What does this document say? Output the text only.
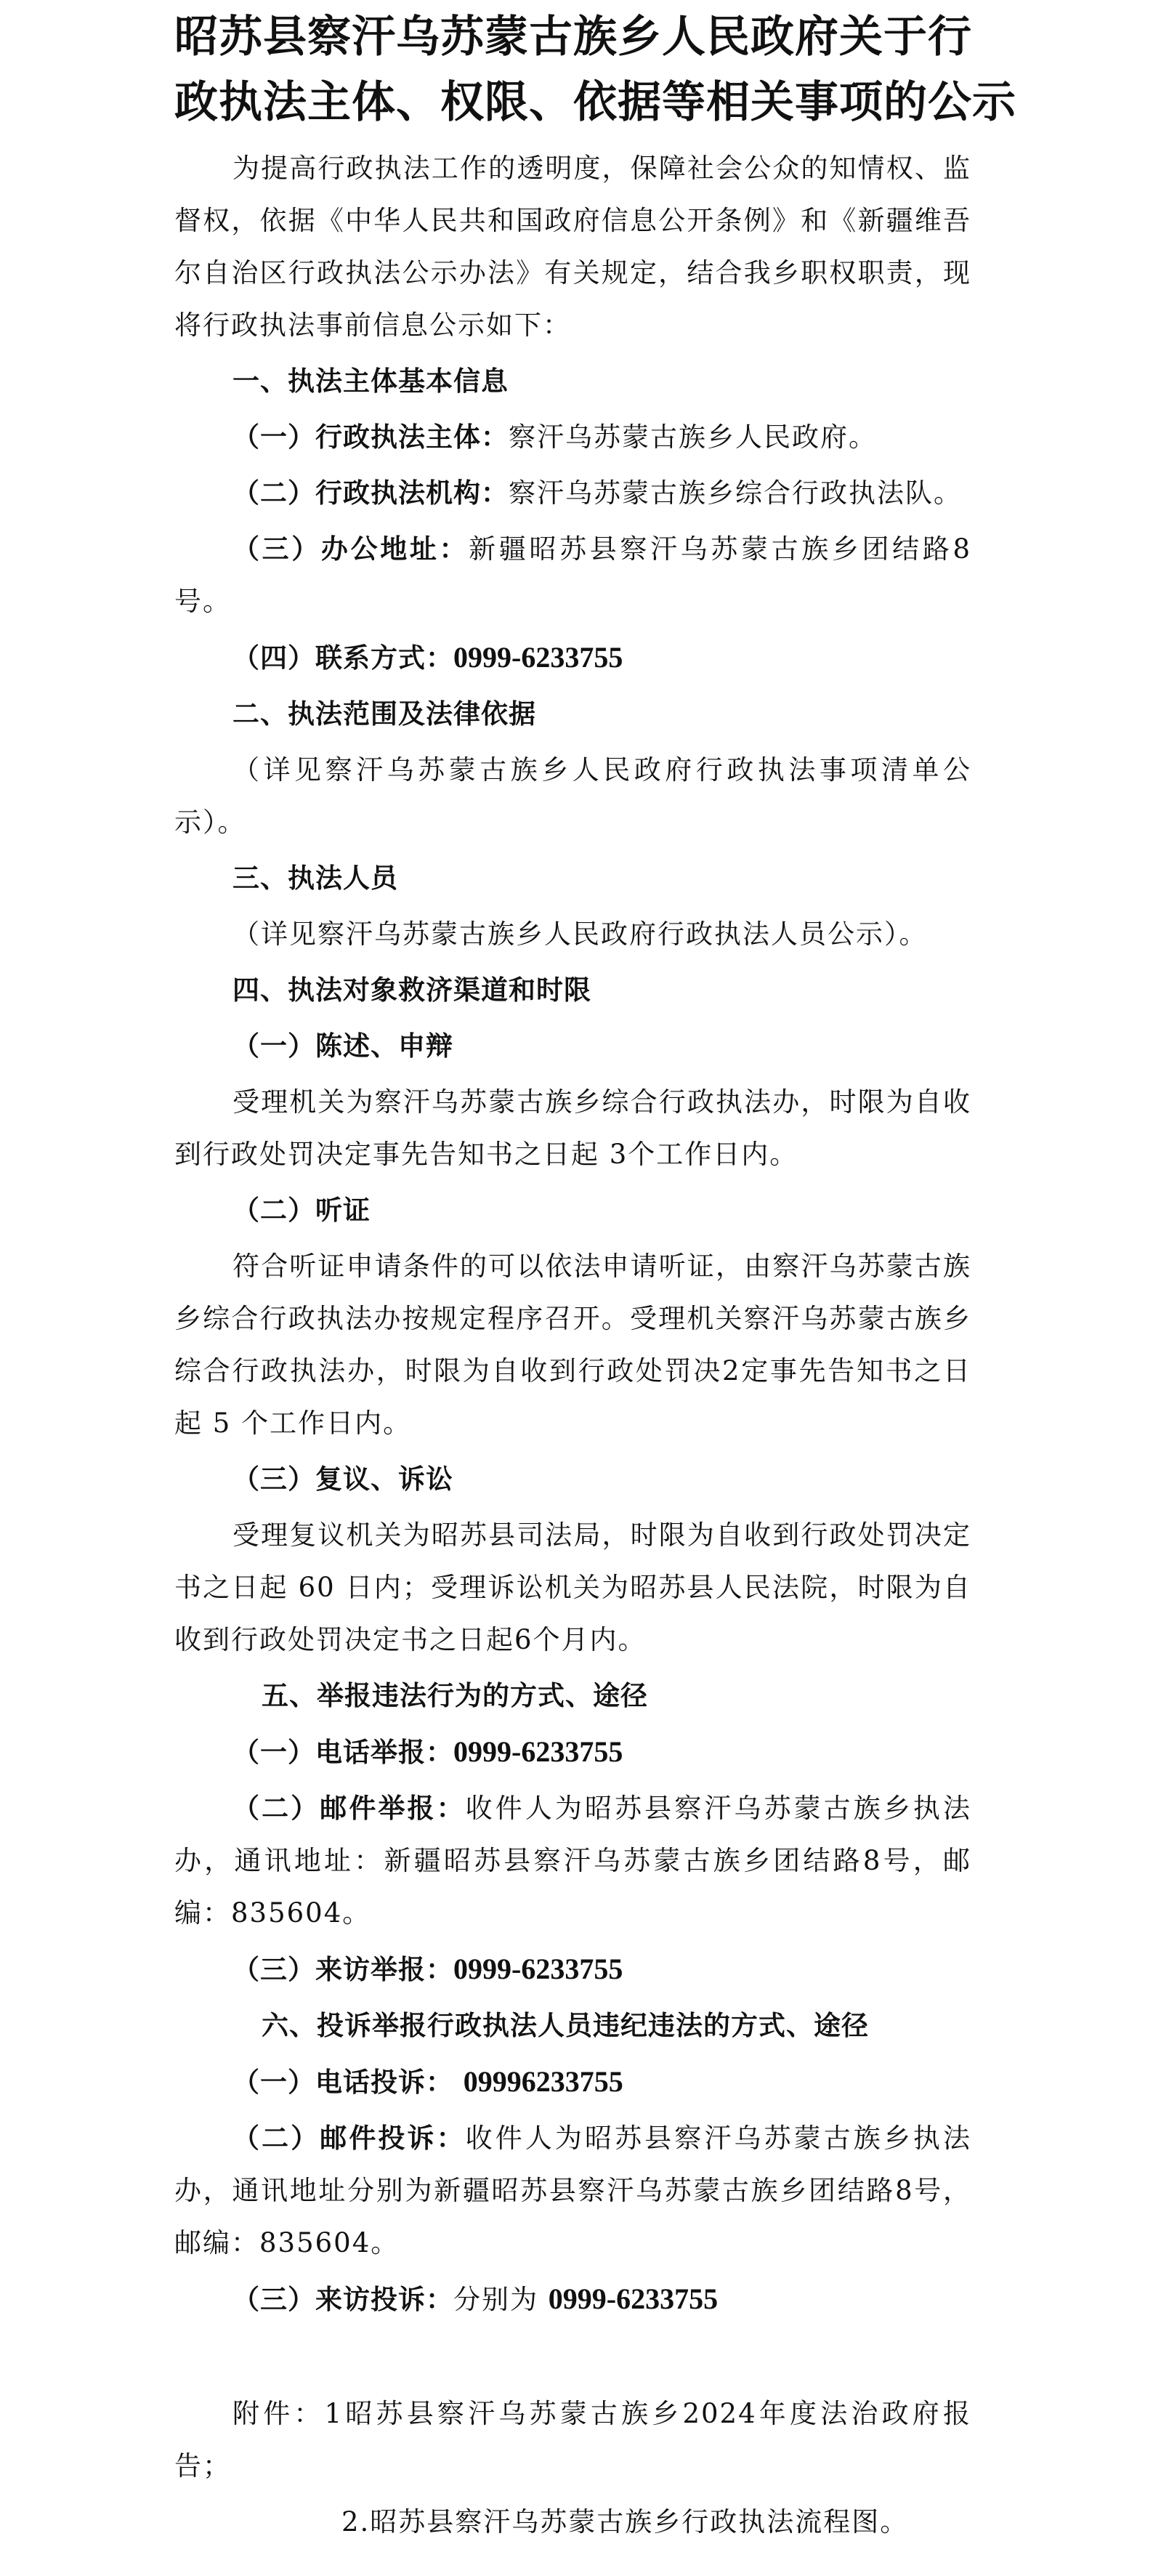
昭苏县察汗乌苏蒙古族乡人民政府关于行
政执法主体、权限、依据等相关事项的公示

为提高行政执法工作的透明度，保障社会公众的知情权、监督权，依据《中华人民共和国政府信息公开条例》和《新疆维吾尔自治区行政执法公示办法》有关规定，结合我乡职权职责，现将行政执法事前信息公示如下：

一、执法主体基本信息

（一）行政执法主体：察汗乌苏蒙古族乡人民政府。

（二）行政执法机构：察汗乌苏蒙古族乡综合行政执法队。

（三）办公地址：新疆昭苏县察汗乌苏蒙古族乡团结路8号。

（四）联系方式：0999-6233755

二、执法范围及法律依据

（详见察汗乌苏蒙古族乡人民政府行政执法事项清单公示）。

三、执法人员

（详见察汗乌苏蒙古族乡人民政府行政执法人员公示）。

四、执法对象救济渠道和时限

（一）陈述、申辩

受理机关为察汗乌苏蒙古族乡综合行政执法办，时限为自收到行政处罚决定事先告知书之日起 3个工作日内。

（二）听证

符合听证申请条件的可以依法申请听证，由察汗乌苏蒙古族乡综合行政执法办按规定程序召开。受理机关察汗乌苏蒙古族乡综合行政执法办，时限为自收到行政处罚决2定事先告知书之日起 5 个工作日内。

（三）复议、诉讼

受理复议机关为昭苏县司法局，时限为自收到行政处罚决定书之日起 60 日内；受理诉讼机关为昭苏县人民法院，时限为自收到行政处罚决定书之日起6个月内。

五、举报违法行为的方式、途径

（一）电话举报：0999-6233755

（二）邮件举报：收件人为昭苏县察汗乌苏蒙古族乡执法办，通讯地址：新疆昭苏县察汗乌苏蒙古族乡团结路8号，邮编：835604。

（三）来访举报：0999-6233755

六、投诉举报行政执法人员违纪违法的方式、途径

（一）电话投诉： 09996233755

（二）邮件投诉：收件人为昭苏县察汗乌苏蒙古族乡执法办，通讯地址分别为新疆昭苏县察汗乌苏蒙古族乡团结路8号，邮编：835604。

（三）来访投诉：分别为 0999-6233755

附件：1昭苏县察汗乌苏蒙古族乡2024年度法治政府报告；

2.昭苏县察汗乌苏蒙古族乡行政执法流程图。
